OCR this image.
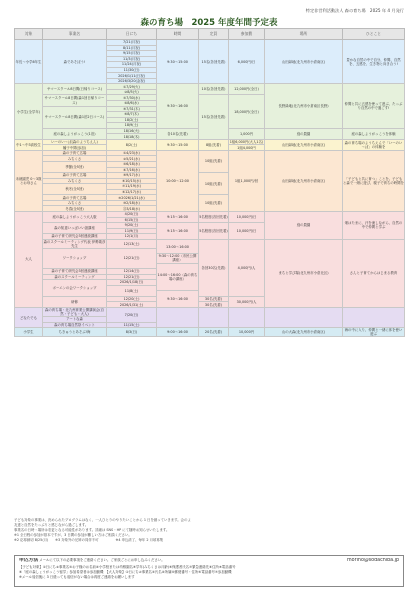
特定非営利活動法人 森の育ち場　2025 年 4 月発行
森の育ち場　2025 年度年間予定表
対象	事業名	日にち	時間	定員	参加費	場所	ひとこと
年長〜小学6年生	森であそぼう!	7/21(月祝)	9:30～15:00	15名(各回先着)	6,000円/日	山田緑地(北九州市小倉南区)	豊かな自然の中で自分、仲間、自然を、五感を、生き物と向き合う!
		8/11(月祝)					
		9/15(月祝)					
		11/3(月祝)					
		11/24(月祝)					
		11/30(日)					
		2026/1/11(日祝)					
		2026/3/20(金祝)					
小学生(全学年)	サマースクール8日間(日帰りコース)	①7/29(火)	9:30～16:00	10名(各回先着)	12,000円(全日)	長野緑地(北九州市小倉南区長野)	仲間と共に五感を使って遊ぶ、たっぷり自然の中で過ごす!
		②8/5(火)					
	サマースクール8日間(森1回日帰りコース)	③7/30(水)		15名(各回先着)	18,000円(全日)		
		④8/6(水)					
	サマースクール8日間(森1泊2日コース)	⑤7/31(木)					
		⑥8/7(木)					
		18/2(土)					
		18/9(土)					
	庭の森しようがっこう(1泊)	18/16(火)	各10名(先着)		1,000円	庭の農園	庭の森しようがっこうを体験
		18/18(木)					
中1〜中3高校生	いーのい～ぱ(森のようちえん)	8/2(土)	9:30～15:00	8組(先着)	1組6,000円(大人1名)	山田緑地(北九州市小倉南区)	森の育ち場のようちえんで「いーのい～ぱ」の体験を
	幡子中間(参加)				1組4,000円		
未就園児 0〜3歳とお母さん	森の子育て広場	①4/23(水)	10:00～12:00	10組(先着)	1組1,000円/回	山田緑地(北九州市小倉南区)	「子どもと共に育つ」ことを。子どもと森で一緒に遊び、親子で育ちの時間を
	みちくさ	②5/21(水)					
	季節(全5回)	③6/18(水)					
		④7/16(水)					
	森の子育て広場	⑤9/17(水)		10組(先着)			
	みちくさ	⑥10/15(水)					
	秋冬(全5回)	⑦11/19(水)					
		⑧12/17(水)					
	森の子育て広場	⑨2026/1/21(水)		10組(先着)			
	みちくさ	⑩2/18(水)					
	冬春(全5回)	⑪3/18(水)					
大人	庭の森しようがっこう大人版	4/20(日)	9:15～16:00	5名程度(各回先着)	10,000円/日	庭の農園	畑はたまに、汗を流しながら、自然の中で仲間と学ぶ
		6/15(日)					
	森の知恵いっぱいい諸講座	9/20(土)	9:15～16:00	5名程度(各回先着)	10,000円/日		
		11/9(日)					
	森の子育て研究会3回連続講座	12/1(月)					
	森のスクールミーティング代表 伊勢義彦先生	12/13(土)	13:00～16:00	各回30名(先着)	4,000円/人	まちと学び場(北九州市小倉北区)	さんと子育てからはじまる教育
	ワークショップ	12/21(日)					
			9:30～12:00（市民公開講座）				
			14:00～16:00（森の育ち場の講座）				
	森の子育て研究会3回連続講座	12/14(日)					
	森のスクールミーティング	12/21(日)					
	ボーエンの会ワークショップ	2026/1/18(日)					
		11/8(土)					
			9:30～16:00				
	研修	12/20(土)		30名(先着)	30,000円/人		
		2026/1/31(土)		30名(先着)			
どなたでも	森の育ち場・北九州育業公開講演会(自然・子ども・大人)	7/20(日)					
	アートな森						
	森の育ち場自然祭イベント	11/15(土)					
小学生	ちきゅうとあそぶ!海	8/3(日)	9:00～16:00	20名(先着)	10,000円	山の大森(北九州市小倉南区)	海の中に入り、仲間と一緒に体を使い遊ぶ
子ども対象の事業は、決められたプログラムはなく、一人ひとりのやりたいことから 1 日を創っていきます。会のよ
友達と自然をたっぷりと感じながら過ごします。
事業名の日時・場所は変更となる可能性があります。詳細は SNS・HP にて随時お知らせいたします。
※1 全日程の参加が基本ですが、3 日間の参加が難しい方はご相談ください。
※2 応募締切 8/25(月)　　※3 対象外の兄姉の同伴不可　　　　　※4 申込終了、毎年 2 月頃募集
申込方法 メールにて以下の必要事項をご連絡ください。ご家族ごとにお申し込みください。	morino@sodachiba.jp
【子ども対象】①日にち②事業名③お子様のお名前④小学校または幼稚園名⑤学年(みちくさは月齢)⑥保護者氏名⑦緊急連絡先⑧住所⑨電話番号
⑥「庭の森しょうがっこう留学」参加希望者は参加動機　【大人対象】①日にち②事業名③氏名④所属⑤郵便番号・住所⑥電話番号⑦参加動機
※メール返信後に 3 日経っても返信がない場合は再度ご連絡をお願いします
